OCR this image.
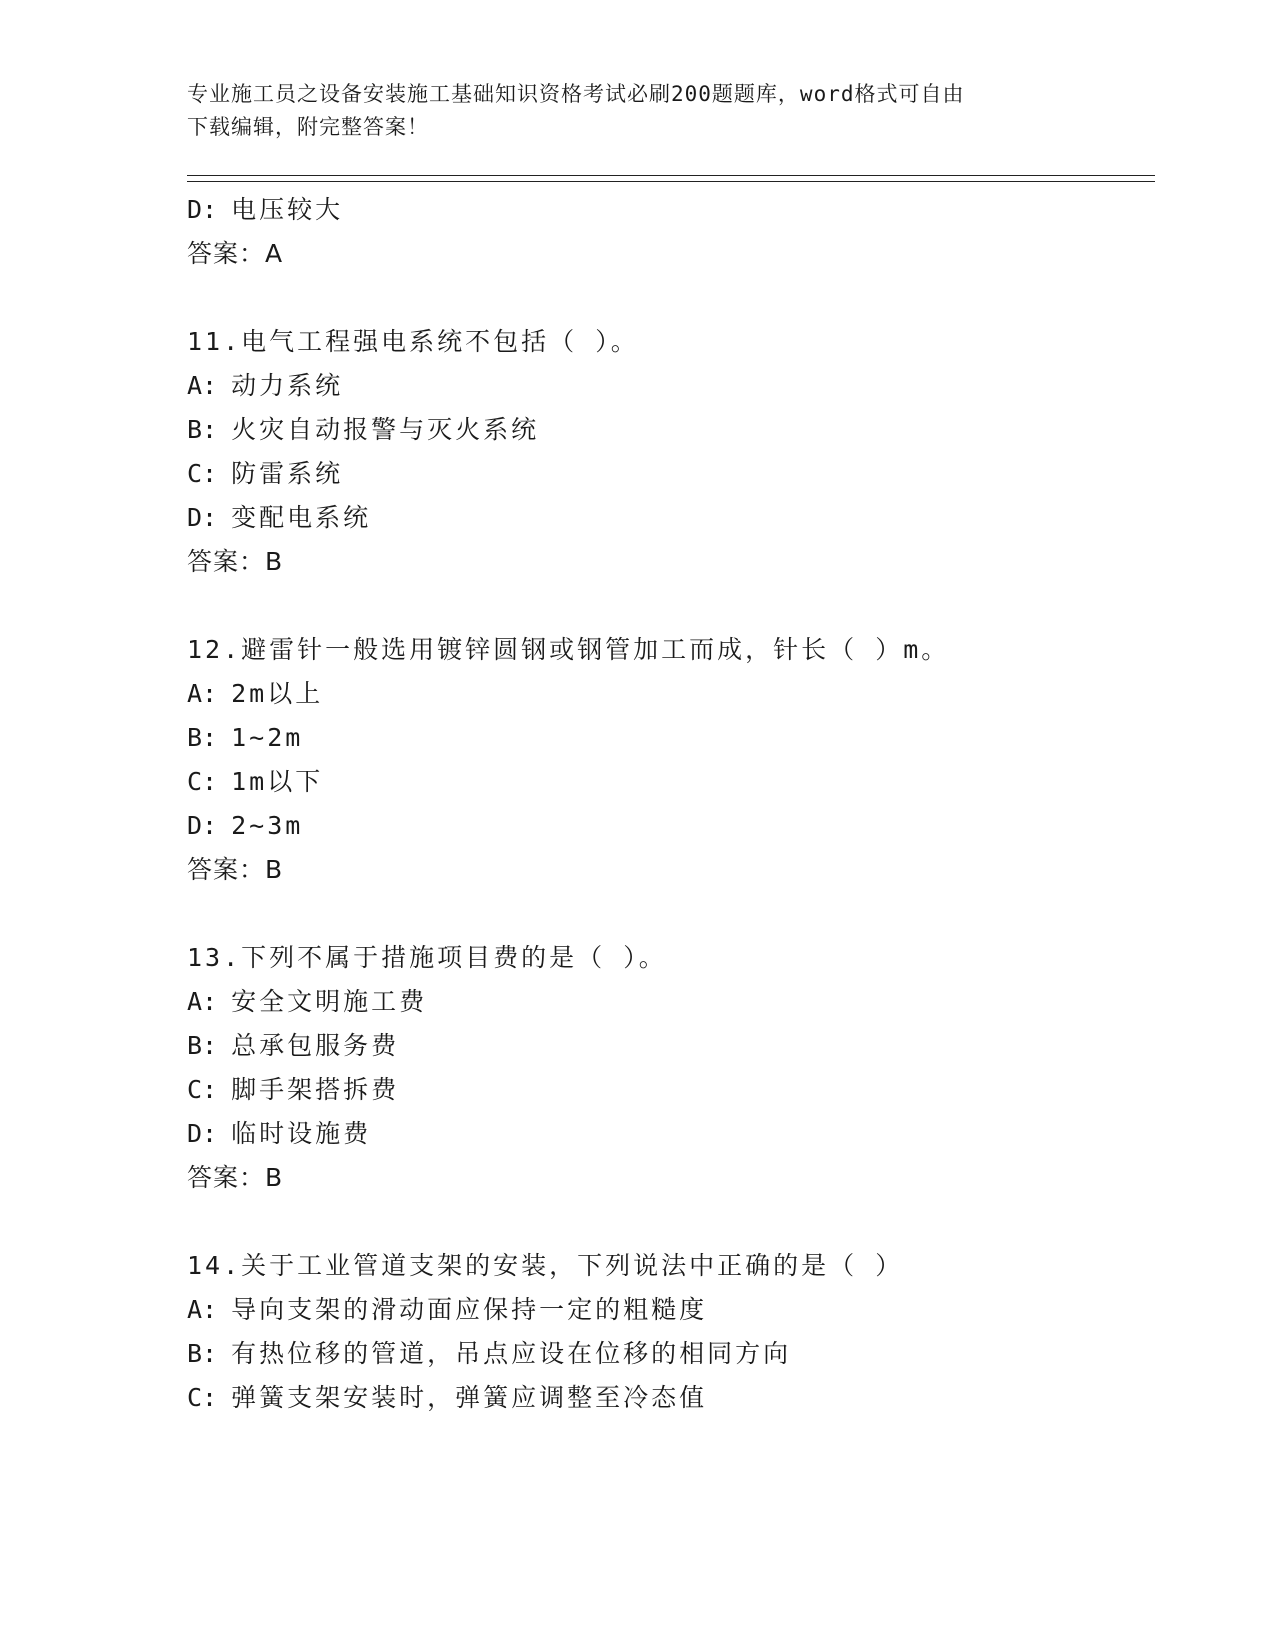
专业施工员之设备安装施工基础知识资格考试必刷200题题库，word格式可自由
下载编辑，附完整答案！
D: 电压较大
答案：A
11.电气工程强电系统不包括（ ）。
A: 动力系统
B: 火灾自动报警与灭火系统
C: 防雷系统
D: 变配电系统
答案：B
12.避雷针一般选用镀锌圆钢或钢管加工而成，针长（ ）m。
A: 2m以上
B: 1~2m
C: 1m以下
D: 2~3m
答案：B
13.下列不属于措施项目费的是（ ）。
A: 安全文明施工费
B: 总承包服务费
C: 脚手架搭拆费
D: 临时设施费
答案：B
14.关于工业管道支架的安装，下列说法中正确的是（ ）
A: 导向支架的滑动面应保持一定的粗糙度
B: 有热位移的管道，吊点应设在位移的相同方向
C: 弹簧支架安装时，弹簧应调整至冷态值
